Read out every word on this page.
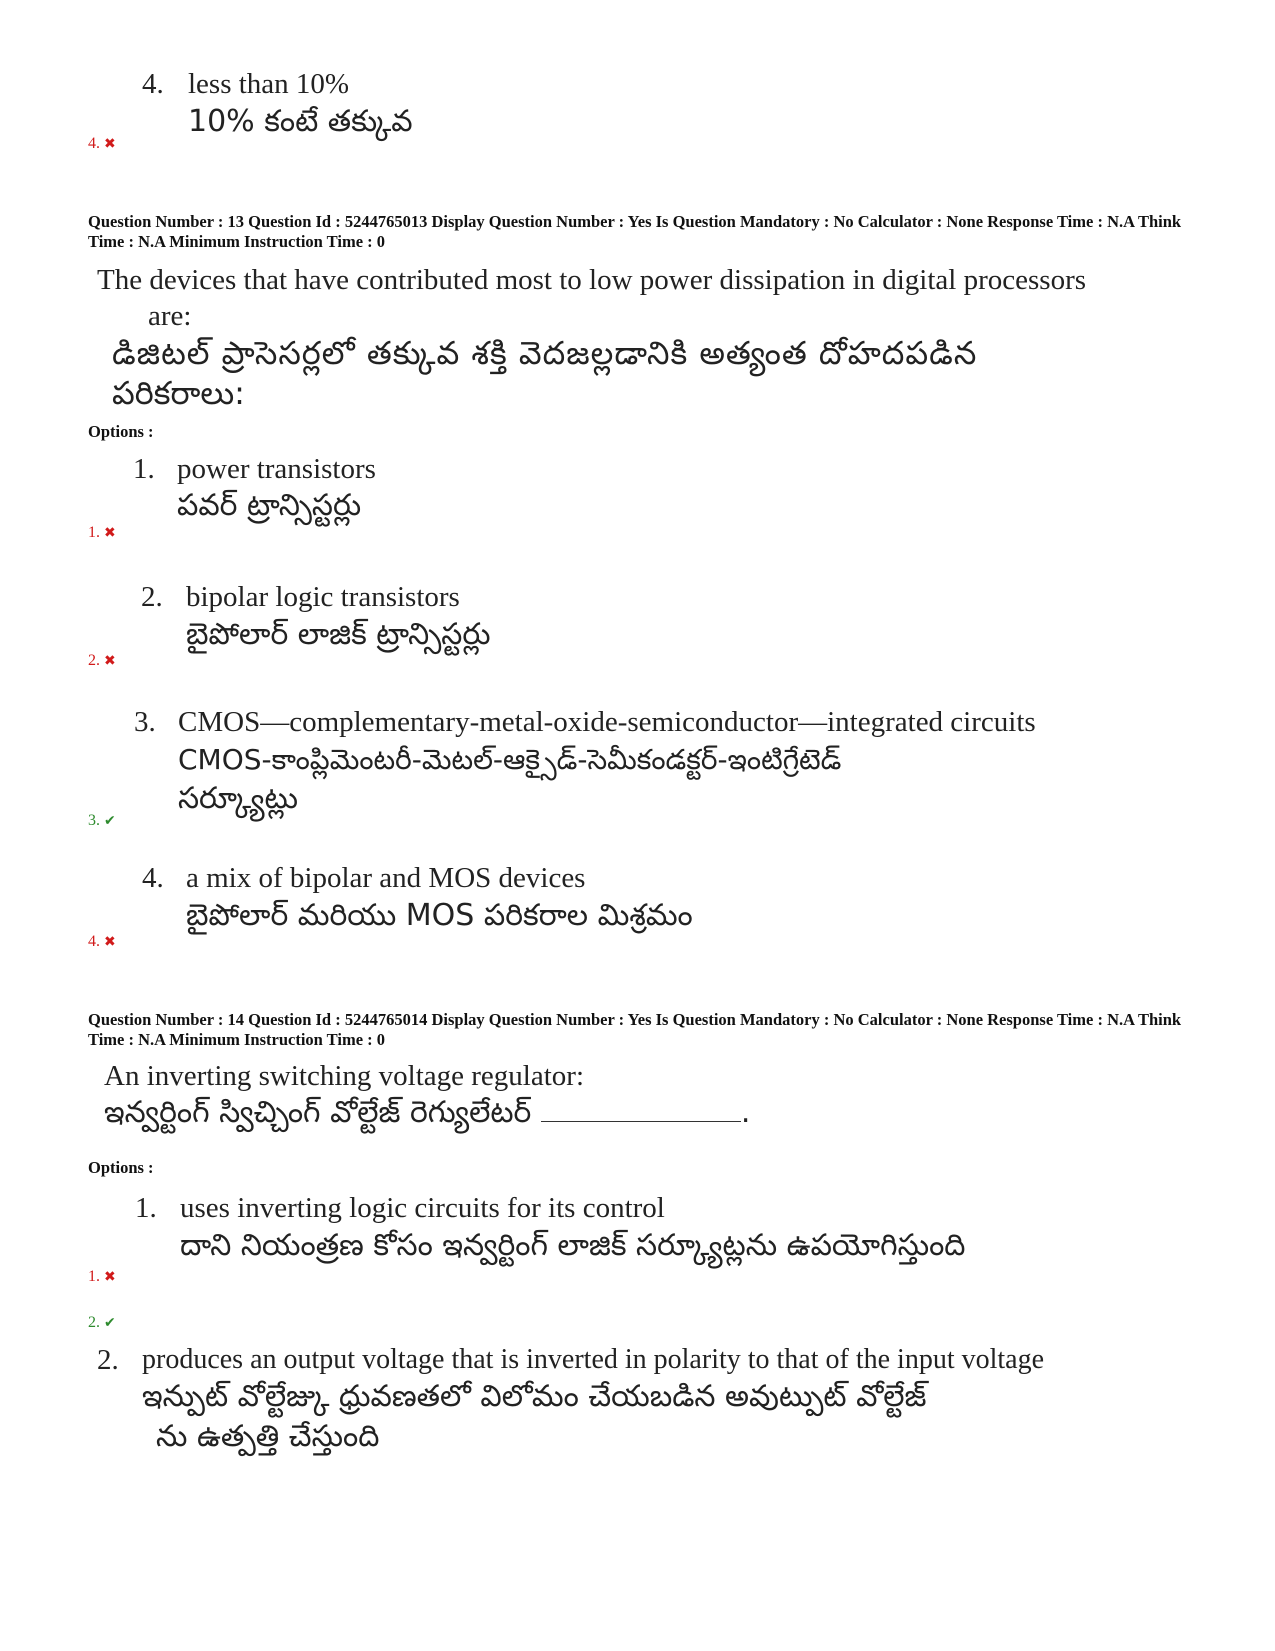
4. less than 10%
10% కంటే తక్కువ
4. ✖
Question Number : 13 Question Id : 5244765013 Display Question Number : Yes Is Question Mandatory : No Calculator : None Response Time : N.A Think Time : N.A Minimum Instruction Time : 0
The devices that have contributed most to low power dissipation in digital processors
are:
డిజిటల్ ప్రాసెసర్లలో తక్కువ శక్తి వెదజల్లడానికి అత్యంత దోహదపడిన
పరికరాలు:
Options :
1. power transistors
పవర్ ట్రాన్సిస్టర్లు
1. ✖
2. bipolar logic transistors
బైపోలార్ లాజిక్ ట్రాన్సిస్టర్లు
2. ✖
3. CMOS—complementary-metal-oxide-semiconductor—integrated circuits
CMOS-కాంప్లిమెంటరీ-మెటల్-ఆక్సైడ్-సెమీకండక్టర్-ఇంటిగ్రేటెడ్
సర్క్యూట్లు
3. ✔
4. a mix of bipolar and MOS devices
బైపోలార్ మరియు MOS పరికరాల మిశ్రమం
4. ✖
Question Number : 14 Question Id : 5244765014 Display Question Number : Yes Is Question Mandatory : No Calculator : None Response Time : N.A Think Time : N.A Minimum Instruction Time : 0
An inverting switching voltage regulator:
ఇన్వర్టింగ్ స్విచ్చింగ్ వోల్టేజ్ రెగ్యులేటర్	.
Options :
1. uses inverting logic circuits for its control
దాని నియంత్రణ కోసం ఇన్వర్టింగ్ లాజిక్ సర్క్యూట్లను ఉపయోగిస్తుంది
1. ✖
2. ✔
2. produces an output voltage that is inverted in polarity to that of the input voltage
ఇన్పుట్ వోల్టేజ్కు ధ్రువణతలో విలోమం చేయబడిన అవుట్పుట్ వోల్టేజ్
ను ఉత్పత్తి చేస్తుంది
